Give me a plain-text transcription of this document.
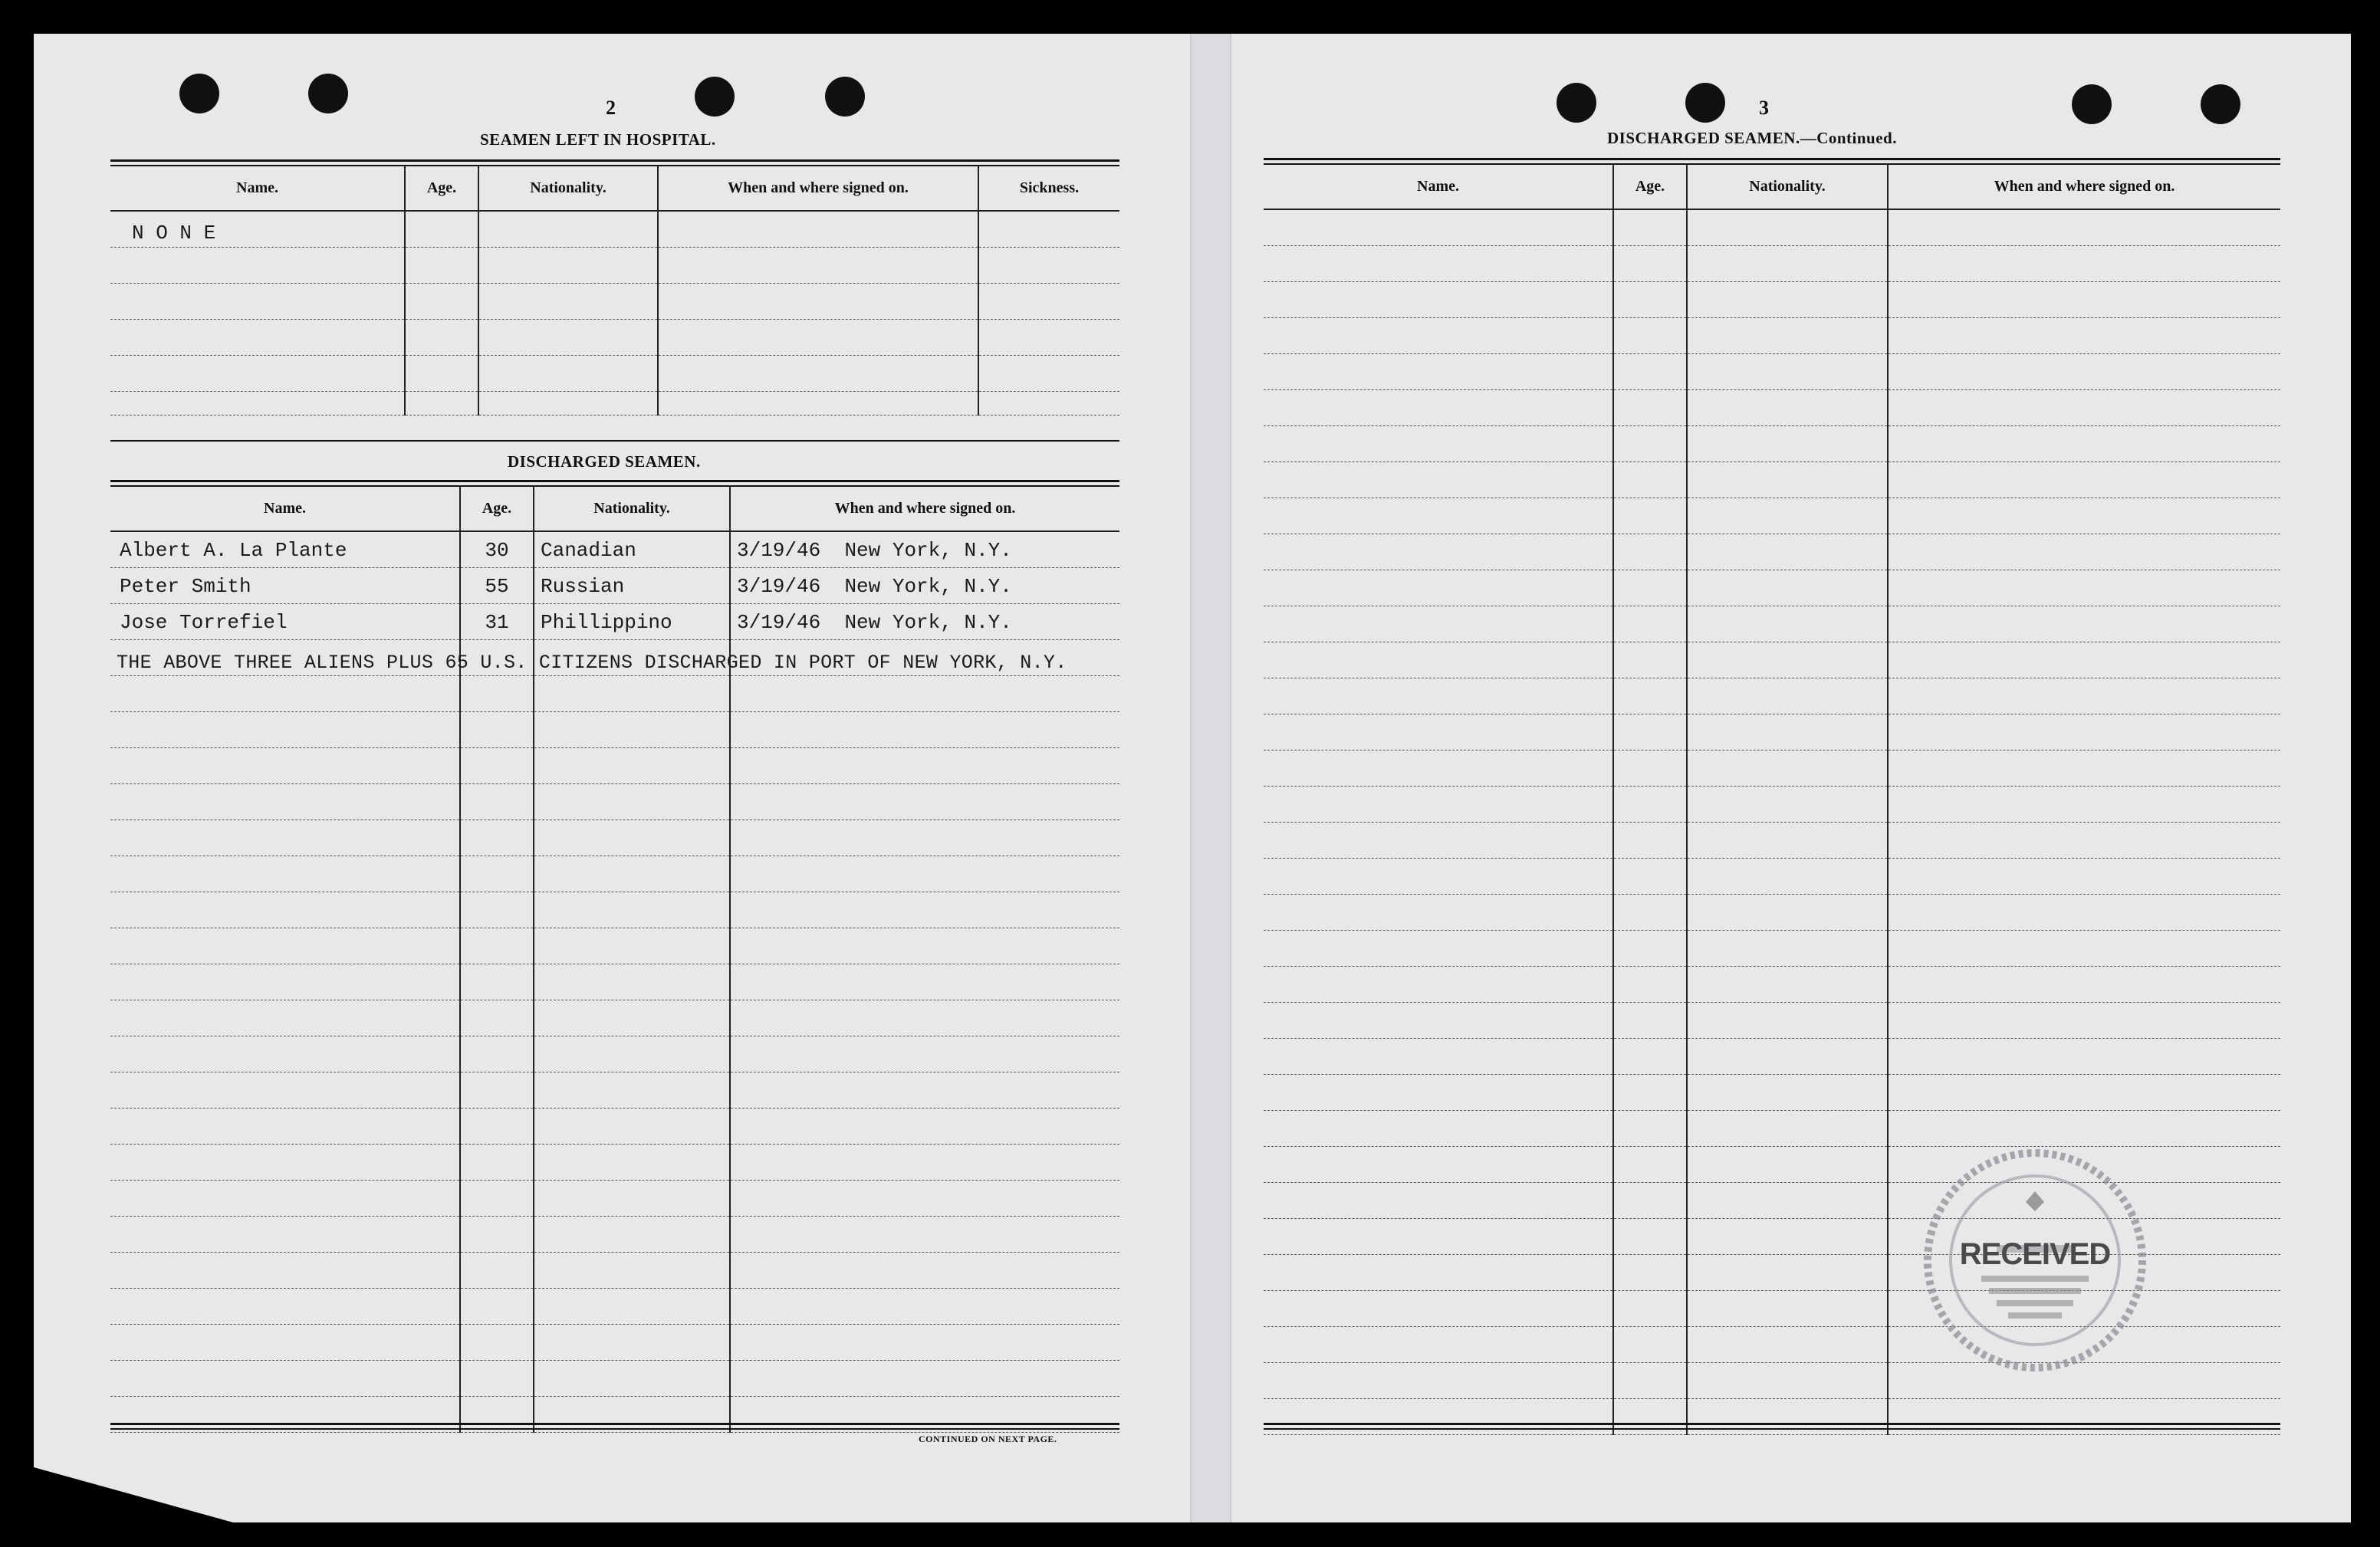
2
SEAMEN LEFT IN HOSPITAL.
Name.	Age.	Nationality.	When and where signed on.	Sickness.
N O N E				

DISCHARGED SEAMEN.
Name.	Age.	Nationality.	When and where signed on.
Albert A. La Plante	30	Canadian	3/19/46 New York, N.Y.
Peter Smith	55	Russian	3/19/46 New York, N.Y.
Jose Torrefiel	31	Phillippino	3/19/46 New York, N.Y.

THE ABOVE THREE ALIENS PLUS 65 U.S. CITIZENS DISCHARGED IN PORT OF NEW YORK, N.Y.
CONTINUED ON NEXT PAGE.
3
DISCHARGED SEAMEN.—Continued.
Name.	Age.	Nationality.	When and where signed on.

RECEIVED
